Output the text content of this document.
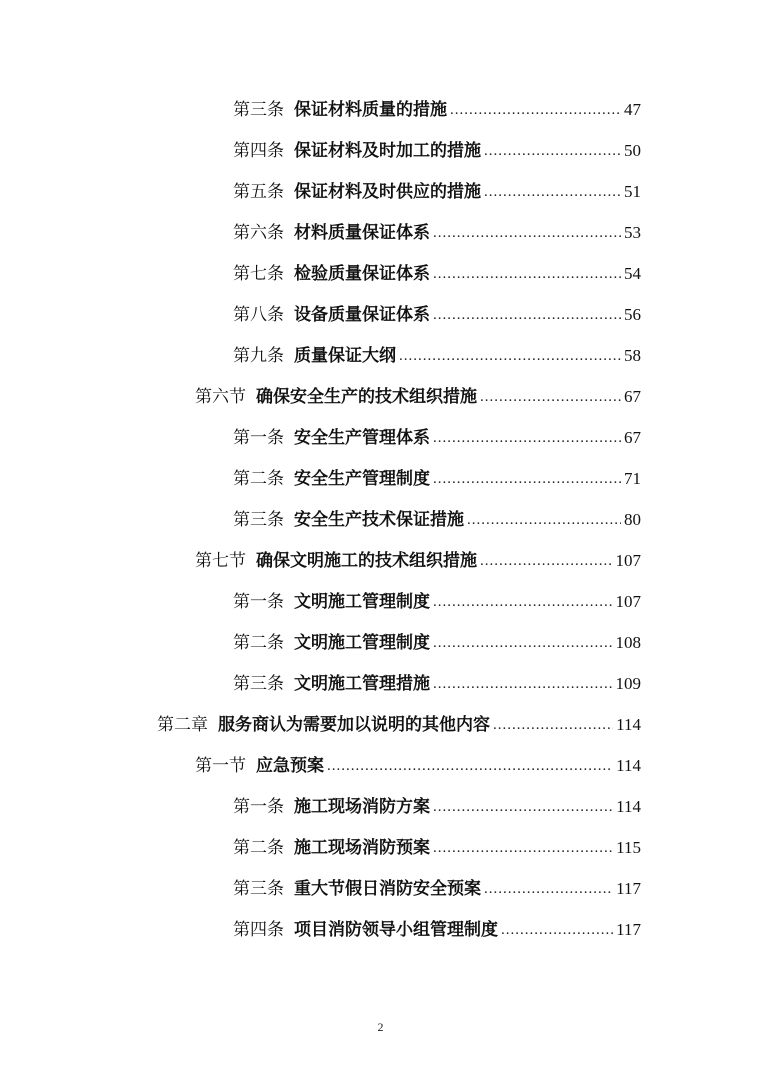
第三条 保证材料质量的措施 .....	47
第四条 保证材料及时加工的措施 .....	50
第五条 保证材料及时供应的措施 .....	51
第六条 材料质量保证体系 .....	53
第七条 检验质量保证体系 .....	54
第八条 设备质量保证体系 .....	56
第九条 质量保证大纲 .....	58
第六节 确保安全生产的技术组织措施 .....	67
第一条 安全生产管理体系 .....	67
第二条 安全生产管理制度 .....	71
第三条 安全生产技术保证措施 .....	80
第七节 确保文明施工的技术组织措施 .....	107
第一条 文明施工管理制度 .....	107
第二条 文明施工管理制度 .....	108
第三条 文明施工管理措施 .....	109
第二章 服务商认为需要加以说明的其他内容 .....	114
第一节 应急预案 .....	114
第一条 施工现场消防方案 .....	114
第二条 施工现场消防预案 .....	115
第三条 重大节假日消防安全预案 .....	117
第四条 项目消防领导小组管理制度 .....	117
2
